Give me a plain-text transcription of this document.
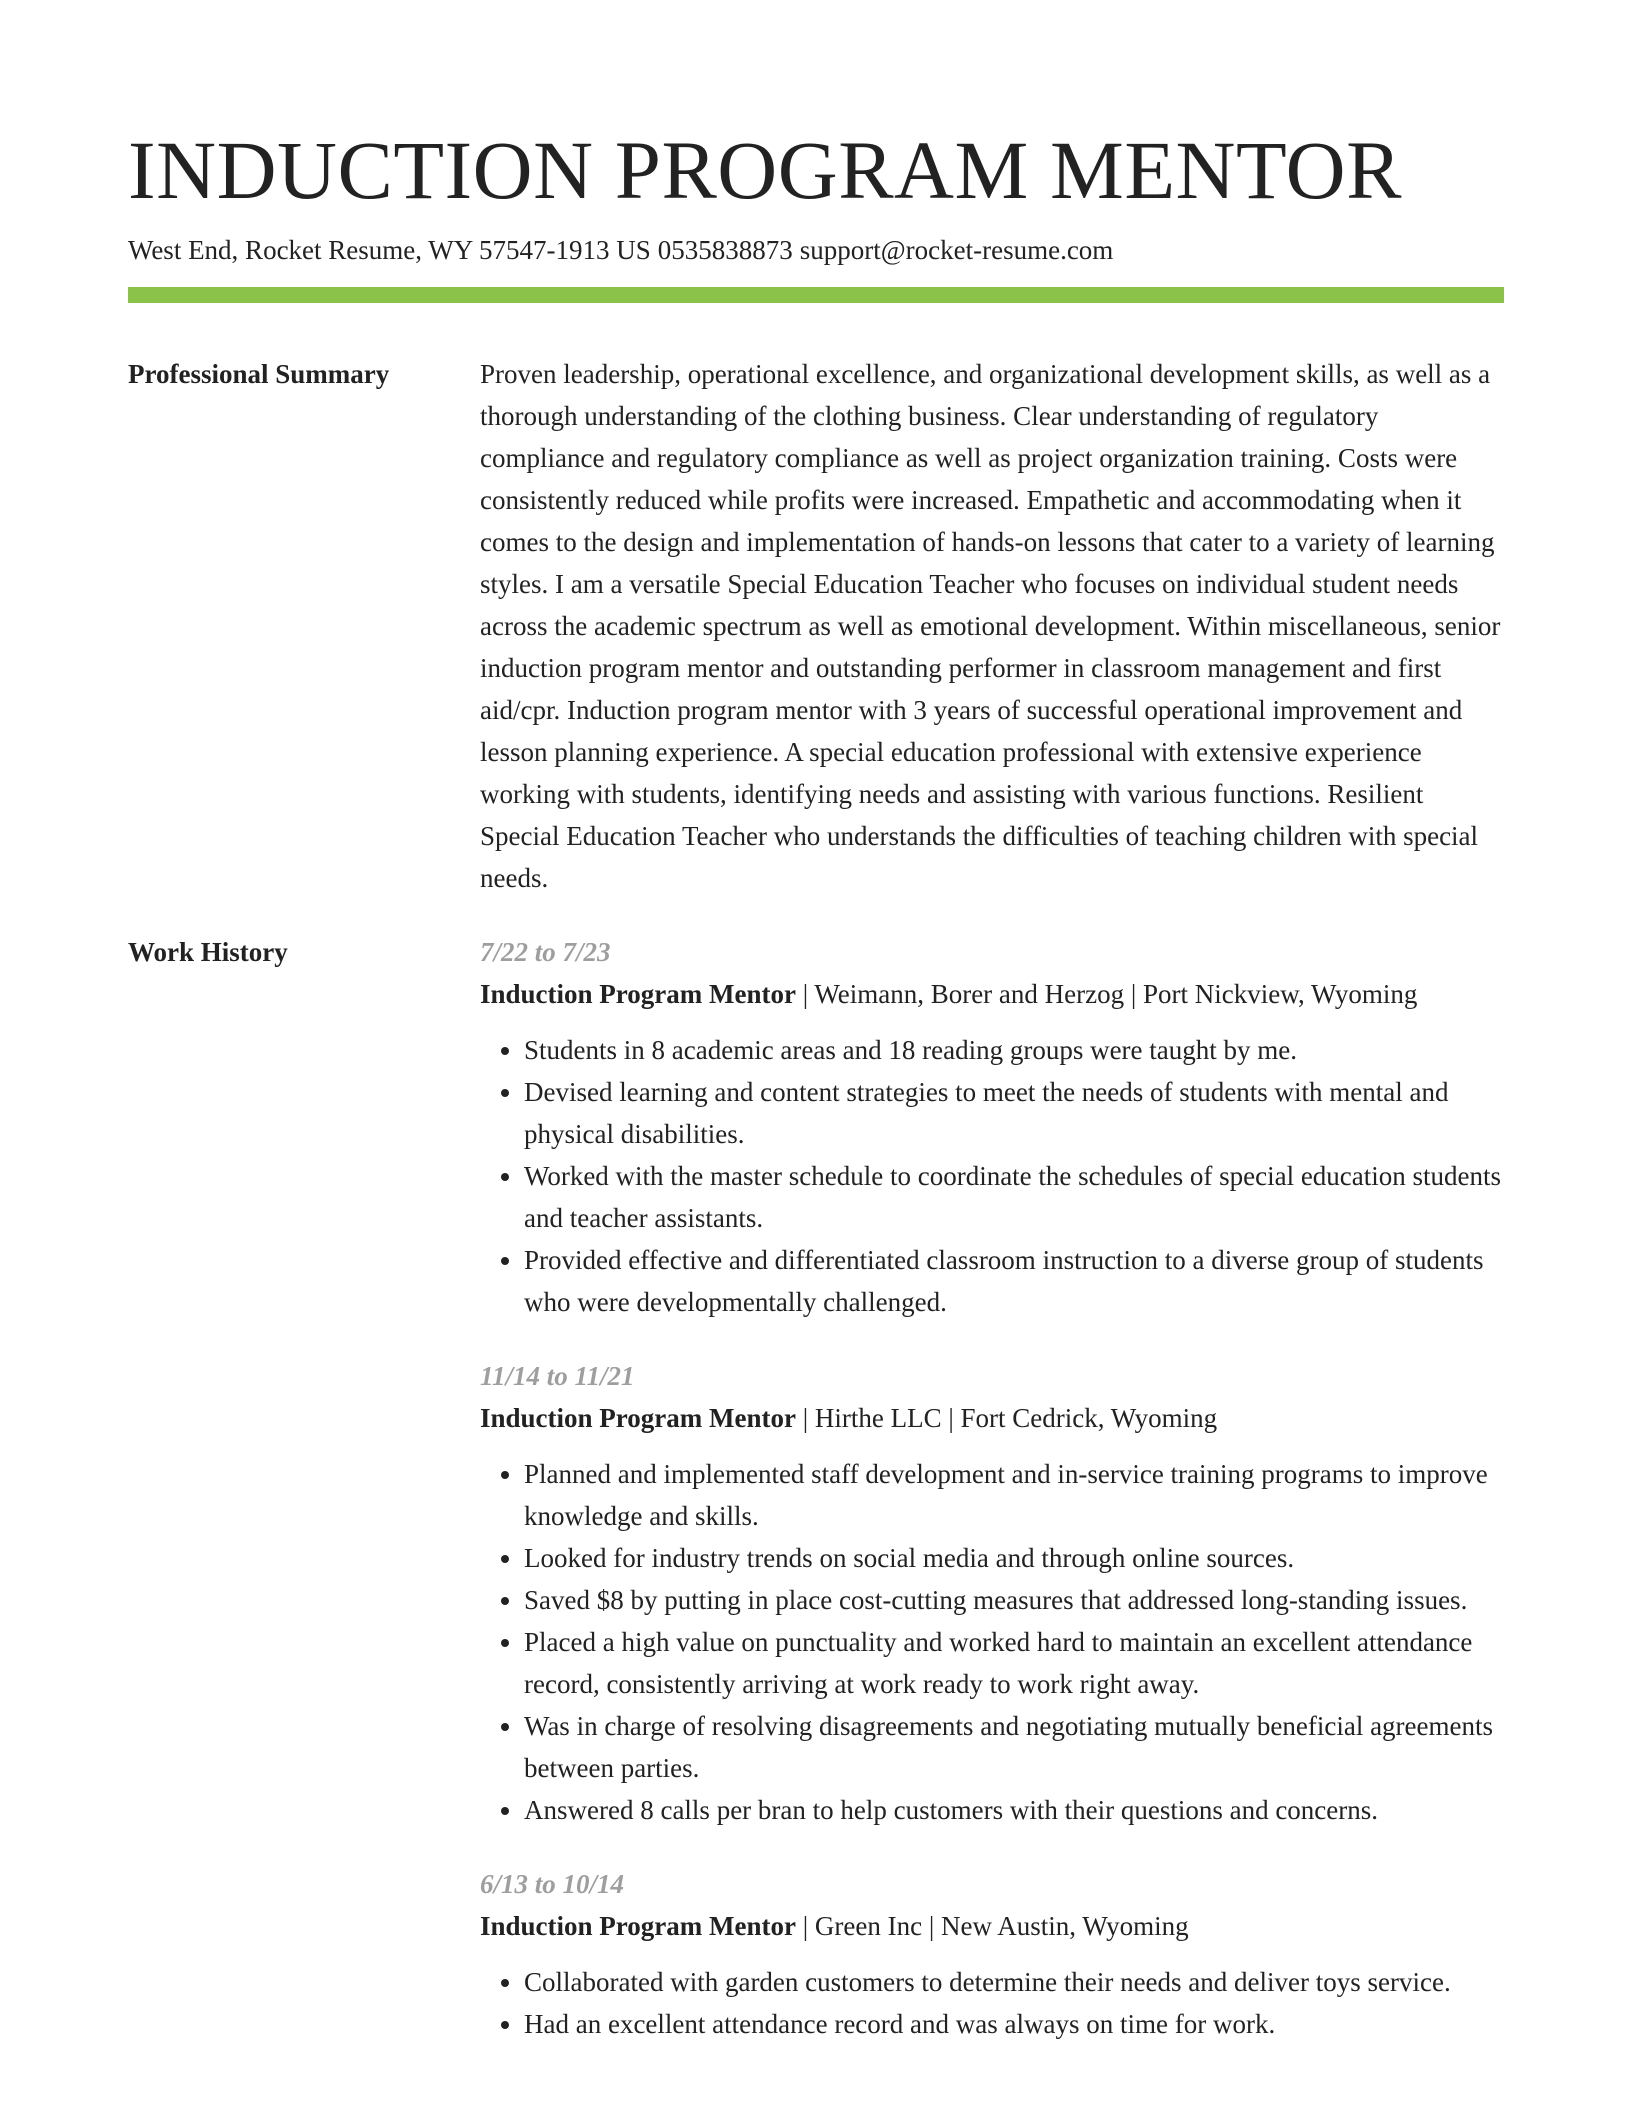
INDUCTION PROGRAM MENTOR
West End, Rocket Resume, WY 57547-1913 US 0535838873 support@rocket-resume.com
Professional Summary	Proven leadership, operational excellence, and organizational development skills, as well as a thorough understanding of the clothing business. Clear understanding of regulatory compliance and regulatory compliance as well as project organization training. Costs were consistently reduced while profits were increased. Empathetic and accommodating when it comes to the design and implementation of hands-on lessons that cater to a variety of learning styles. I am a versatile Special Education Teacher who focuses on individual student needs across the academic spectrum as well as emotional development. Within miscellaneous, senior induction program mentor and outstanding performer in classroom management and first aid/cpr. Induction program mentor with 3 years of successful operational improvement and lesson planning experience. A special education professional with extensive experience working with students, identifying needs and assisting with various functions. Resilient Special Education Teacher who understands the difficulties of teaching children with special needs.

Work History	7/22 to 7/23
Induction Program Mentor | Weimann, Borer and Herzog | Port Nickview, Wyoming
• Students in 8 academic areas and 18 reading groups were taught by me.
• Devised learning and content strategies to meet the needs of students with mental and physical disabilities.
• Worked with the master schedule to coordinate the schedules of special education students and teacher assistants.
• Provided effective and differentiated classroom instruction to a diverse group of students who were developmentally challenged.
11/14 to 11/21
Induction Program Mentor | Hirthe LLC | Fort Cedrick, Wyoming
• Planned and implemented staff development and in-service training programs to improve knowledge and skills.
• Looked for industry trends on social media and through online sources.
• Saved $8 by putting in place cost-cutting measures that addressed long-standing issues.
• Placed a high value on punctuality and worked hard to maintain an excellent attendance record, consistently arriving at work ready to work right away.
• Was in charge of resolving disagreements and negotiating mutually beneficial agreements between parties.
• Answered 8 calls per bran to help customers with their questions and concerns.
6/13 to 10/14
Induction Program Mentor | Green Inc | New Austin, Wyoming
• Collaborated with garden customers to determine their needs and deliver toys service.
• Had an excellent attendance record and was always on time for work.
